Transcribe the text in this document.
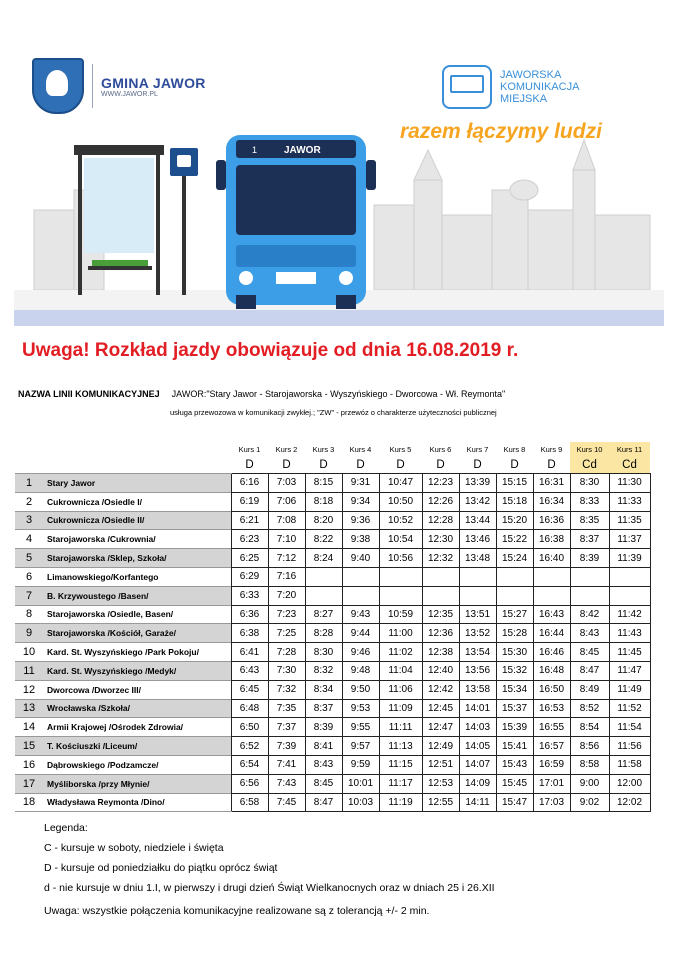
1	JAWOR
GMINA JAWOR
WWW.JAWOR.PL
JAWORSKA
KOMUNIKACJA
MIEJSKA
razem łączymy ludzi
Uwaga! Rozkład jazdy obowiązuje od dnia 16.08.2019 r.
NAZWA LINII KOMUNIKACYJNEJ JAWOR:"Stary Jawor - Starojaworska - Wyszyńskiego - Dworcowa - Wł. Reymonta"
usługa przewozowa w komunikacji zwykłej.; "ZW" - przewóz o charakterze użyteczności publicznej
		Kurs 1	Kurs 2	Kurs 3	Kurs 4	Kurs 5	Kurs 6	Kurs 7	Kurs 8	Kurs 9	Kurs 10	Kurs 11
		D	D	D	D	D	D	D	D	D	Cd	Cd
1	Stary Jawor	6:16	7:03	8:15	9:31	10:47	12:23	13:39	15:15	16:31	8:30	11:30
2	Cukrownicza /Osiedle I/	6:19	7:06	8:18	9:34	10:50	12:26	13:42	15:18	16:34	8:33	11:33
3	Cukrownicza /Osiedle II/	6:21	7:08	8:20	9:36	10:52	12:28	13:44	15:20	16:36	8:35	11:35
4	Starojaworska /Cukrownia/	6:23	7:10	8:22	9:38	10:54	12:30	13:46	15:22	16:38	8:37	11:37
5	Starojaworska /Sklep, Szkoła/	6:25	7:12	8:24	9:40	10:56	12:32	13:48	15:24	16:40	8:39	11:39
6	Limanowskiego/Korfantego	6:29	7:16									
7	B. Krzywoustego /Basen/	6:33	7:20									
8	Starojaworska /Osiedle, Basen/	6:36	7:23	8:27	9:43	10:59	12:35	13:51	15:27	16:43	8:42	11:42
9	Starojaworska /Kościół, Garaże/	6:38	7:25	8:28	9:44	11:00	12:36	13:52	15:28	16:44	8:43	11:43
10	Kard. St. Wyszyńskiego /Park Pokoju/	6:41	7:28	8:30	9:46	11:02	12:38	13:54	15:30	16:46	8:45	11:45
11	Kard. St. Wyszyńskiego /Medyk/	6:43	7:30	8:32	9:48	11:04	12:40	13:56	15:32	16:48	8:47	11:47
12	Dworcowa /Dworzec III/	6:45	7:32	8:34	9:50	11:06	12:42	13:58	15:34	16:50	8:49	11:49
13	Wrocławska /Szkoła/	6:48	7:35	8:37	9:53	11:09	12:45	14:01	15:37	16:53	8:52	11:52
14	Armii Krajowej /Ośrodek Zdrowia/	6:50	7:37	8:39	9:55	11:11	12:47	14:03	15:39	16:55	8:54	11:54
15	T. Kościuszki /Liceum/	6:52	7:39	8:41	9:57	11:13	12:49	14:05	15:41	16:57	8:56	11:56
16	Dąbrowskiego /Podzamcze/	6:54	7:41	8:43	9:59	11:15	12:51	14:07	15:43	16:59	8:58	11:58
17	Myśliborska /przy Młynie/	6:56	7:43	8:45	10:01	11:17	12:53	14:09	15:45	17:01	9:00	12:00
18	Władysława Reymonta /Dino/	6:58	7:45	8:47	10:03	11:19	12:55	14:11	15:47	17:03	9:02	12:02
Legenda:
C - kursuje w soboty, niedziele i święta
D - kursuje od poniedziałku do piątku oprócz świąt
d - nie kursuje w dniu 1.I, w pierwszy i drugi dzień Świąt Wielkanocnych oraz w dniach 25 i 26.XII
Uwaga: wszystkie połączenia komunikacyjne realizowane są z tolerancją +/- 2 min.
